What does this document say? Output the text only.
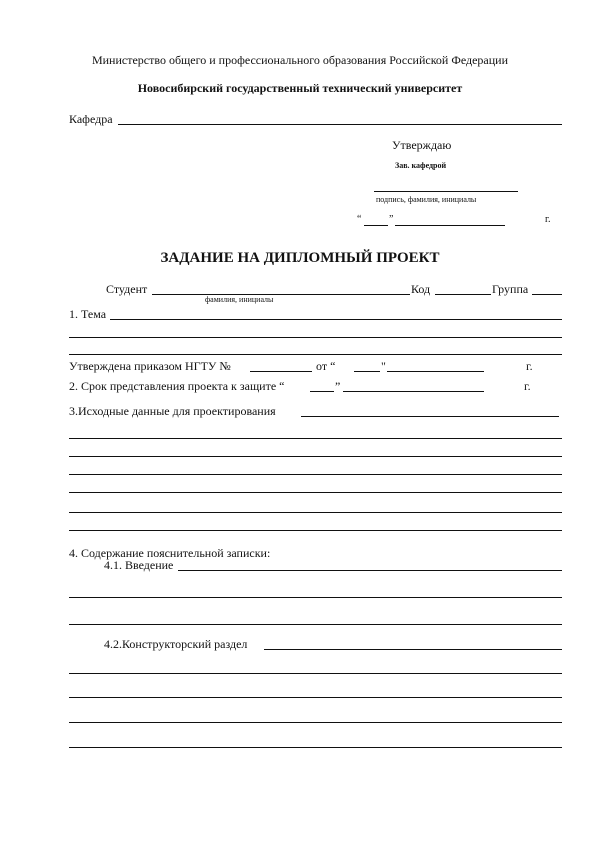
Министерство общего и профессионального образования Российской Федерации
Новосибирский государственный технический университет
Кафедра
Утверждаю
Зав. кафедрой
подпись, фамилия, инициалы
“	”	г.
ЗАДАНИЕ НА ДИПЛОМНЫЙ ПРОЕКТ
Студент	Код	Группа
фамилия, инициалы
1. Тема
Утверждена приказом НГТУ №	от “	"	г.
2. Срок представления проекта к защите “	”	г.
3.Исходные данные для проектирования
4. Содержание пояснительной записки:
4.1. Введение
4.2.Конструкторский раздел
